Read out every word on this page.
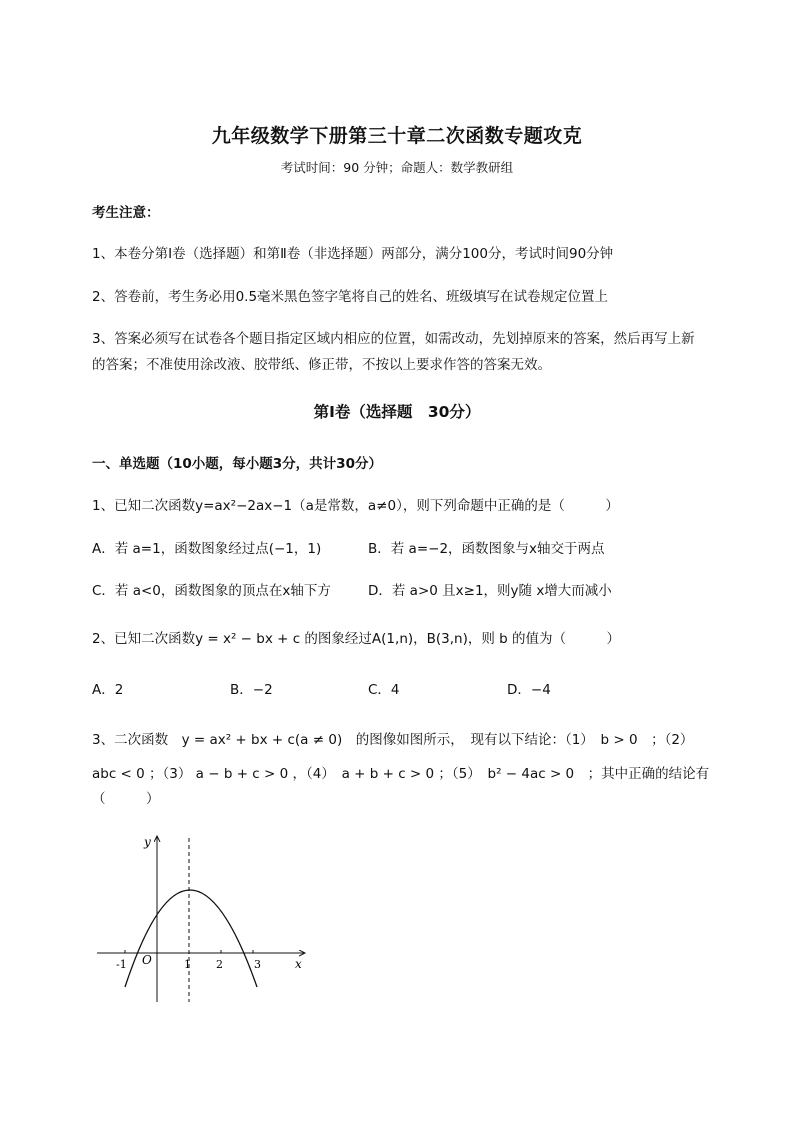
九年级数学下册第三十章二次函数专题攻克
考试时间：90 分钟；命题人：数学教研组
考生注意：
1、本卷分第Ⅰ卷（选择题）和第Ⅱ卷（非选择题）两部分，满分100分，考试时间90分钟
2、答卷前，考生务必用0.5毫米黑色签字笔将自己的姓名、班级填写在试卷规定位置上
3、答案必须写在试卷各个题目指定区域内相应的位置，如需改动，先划掉原来的答案，然后再写上新
的答案；不准使用涂改液、胶带纸、修正带，不按以上要求作答的答案无效。
第Ⅰ卷（选择题　30分）
一、单选题（10小题，每小题3分，共计30分）
1、已知二次函数y=ax²−2ax−1（a是常数，a≠0），则下列命题中正确的是（　　　）
A．若 a=1，函数图象经过点(−1，1)	B．若 a=−2，函数图象与x轴交于两点
C．若 a<0，函数图象的顶点在x轴下方	D．若 a>0 且x≥1，则y随 x增大而减小
2、已知二次函数y = x² − bx + c 的图象经过A(1,n)，B(3,n)，则 b 的值为（　　　）
A．2	B．−2	C．4	D．−4
3、二次函数　y = ax² + bx + c(a ≠ 0)　的图像如图所示，　现有以下结论：（1）　b > 0　；（2）
abc < 0 ；（3） a − b + c > 0 ，（4）　a + b + c > 0 ；（5）　b² − 4ac > 0　；其中正确的结论有
（　　　）
y
x
O
-1	1 2	3
